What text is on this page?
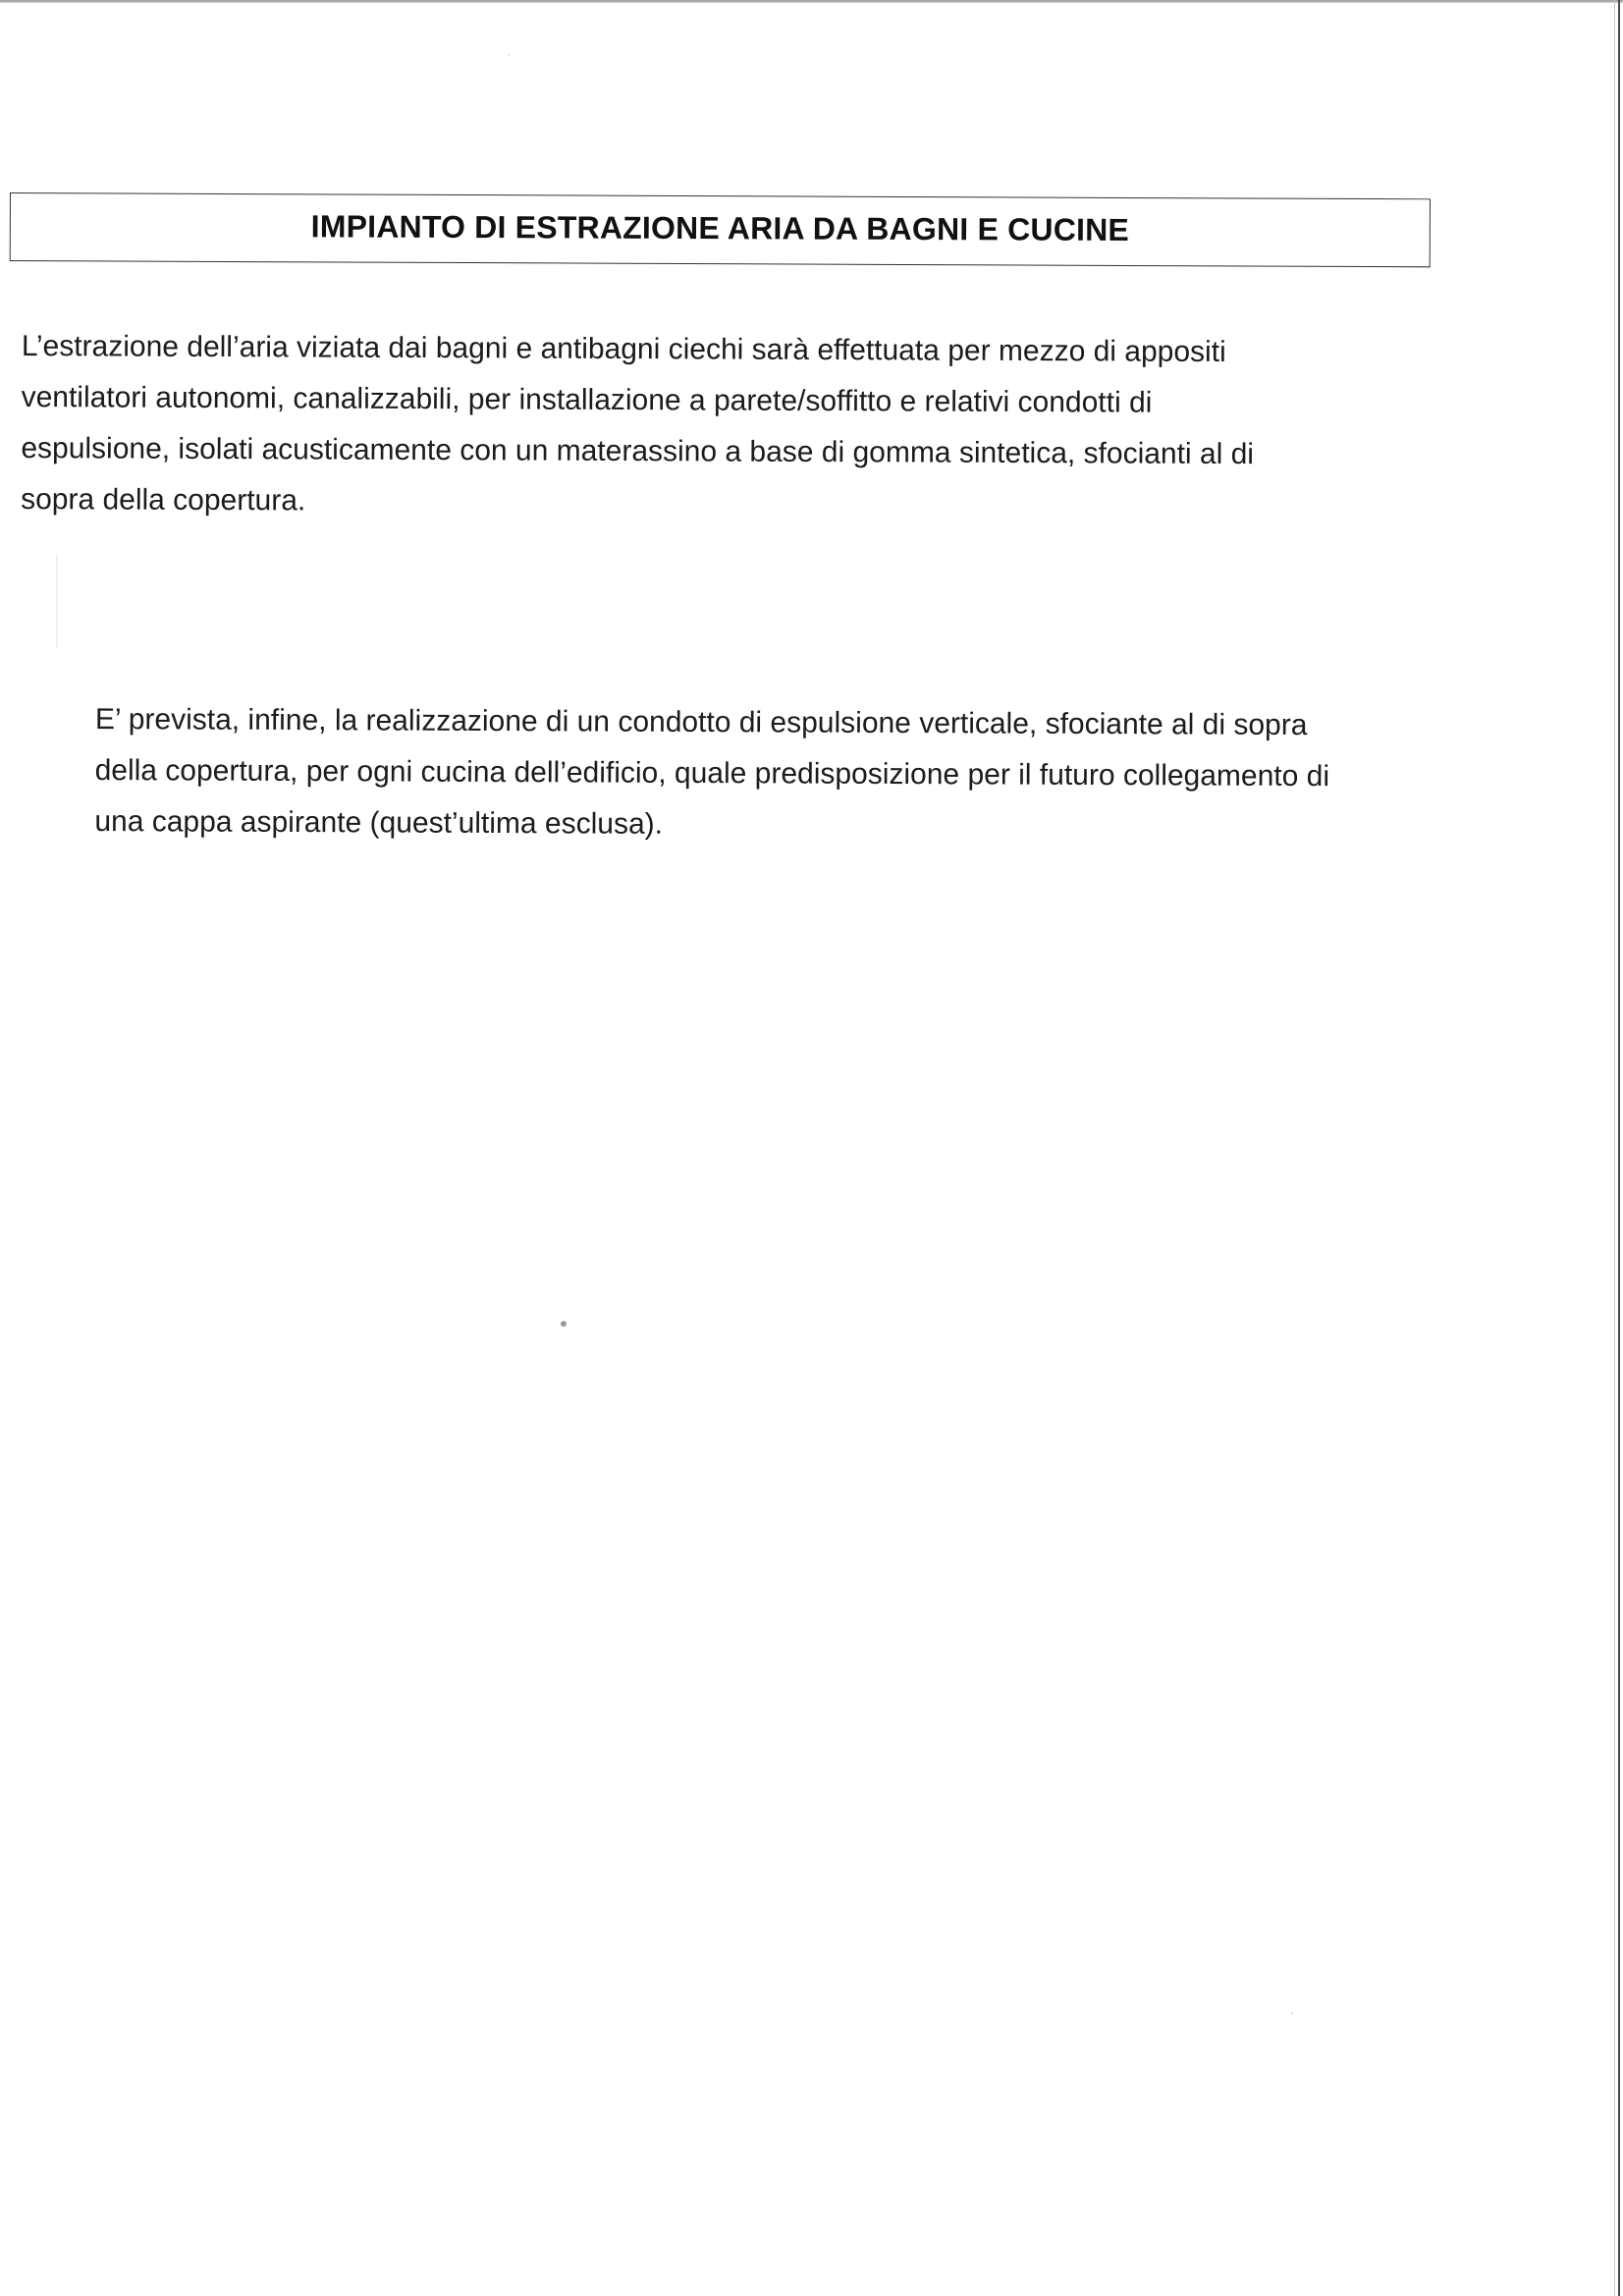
IMPIANTO DI ESTRAZIONE ARIA DA BAGNI E CUCINE
L’estrazione dell’aria viziata dai bagni e antibagni ciechi sarà effettuata per mezzo di appositi
ventilatori autonomi, canalizzabili, per installazione a parete/soffitto e relativi condotti di
espulsione, isolati acusticamente con un materassino a base di gomma sintetica, sfocianti al di
sopra della copertura.
E’ prevista, infine, la realizzazione di un condotto di espulsione verticale, sfociante al di sopra
della copertura, per ogni cucina dell’edificio, quale predisposizione per il futuro collegamento di
una cappa aspirante (quest’ultima esclusa).
